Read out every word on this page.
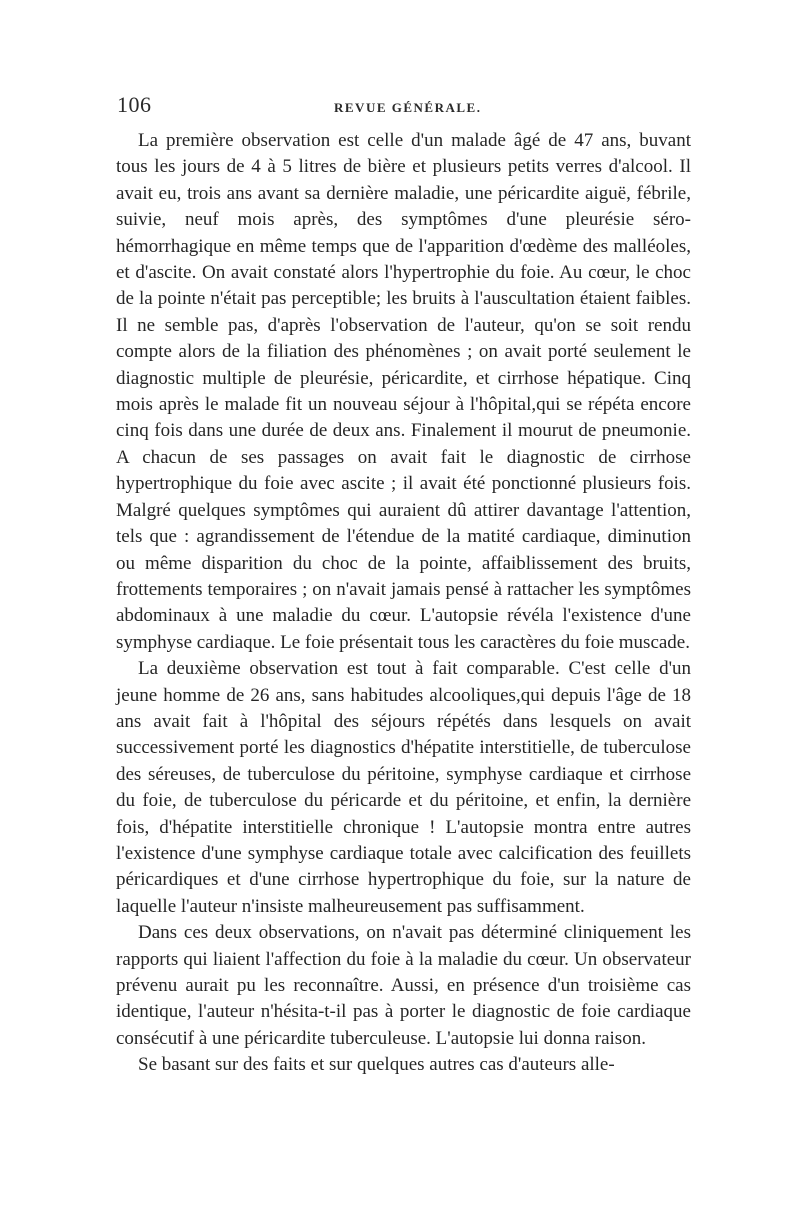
106	REVUE GÉNÉRALE.

La première observation est celle d'un malade âgé de 47 ans, buvant tous les jours de 4 à 5 litres de bière et plusieurs petits verres d'alcool. Il avait eu, trois ans avant sa dernière maladie, une péricardite aiguë, fébrile, suivie, neuf mois après, des symptômes d'une pleurésie séro-hémorrhagique en même temps que de l'apparition d'œdème des malléoles, et d'ascite. On avait constaté alors l'hypertrophie du foie. Au cœur, le choc de la pointe n'était pas perceptible; les bruits à l'auscultation étaient faibles. Il ne semble pas, d'après l'observation de l'auteur, qu'on se soit rendu compte alors de la filiation des phénomènes ; on avait porté seulement le diagnostic multiple de pleurésie, péricardite, et cirrhose hépatique. Cinq mois après le malade fit un nouveau séjour à l'hôpital,qui se répéta encore cinq fois dans une durée de deux ans. Finalement il mourut de pneumonie. A chacun de ses passages on avait fait le diagnostic de cirrhose hypertrophique du foie avec ascite ; il avait été ponctionné plusieurs fois. Malgré quelques symptômes qui auraient dû attirer davantage l'attention, tels que : agrandissement de l'étendue de la matité cardiaque, diminution ou même disparition du choc de la pointe, affaiblissement des bruits, frottements temporaires ; on n'avait jamais pensé à rattacher les symptômes abdominaux à une maladie du cœur. L'autopsie révéla l'existence d'une symphyse cardiaque. Le foie présentait tous les caractères du foie muscade.

La deuxième observation est tout à fait comparable. C'est celle d'un jeune homme de 26 ans, sans habitudes alcooliques,qui depuis l'âge de 18 ans avait fait à l'hôpital des séjours répétés dans lesquels on avait successivement porté les diagnostics d'hépatite interstitielle, de tuberculose des séreuses, de tuberculose du péritoine, symphyse cardiaque et cirrhose du foie, de tuberculose du péricarde et du péritoine, et enfin, la dernière fois, d'hépatite interstitielle chronique ! L'autopsie montra entre autres l'existence d'une symphyse cardiaque totale avec calcification des feuillets péricardiques et d'une cirrhose hypertrophique du foie, sur la nature de laquelle l'auteur n'insiste malheureusement pas suffisamment.

Dans ces deux observations, on n'avait pas déterminé cliniquement les rapports qui liaient l'affection du foie à la maladie du cœur. Un observateur prévenu aurait pu les reconnaître. Aussi, en présence d'un troisième cas identique, l'auteur n'hésita-t-il pas à porter le diagnostic de foie cardiaque consécutif à une péricardite tuberculeuse. L'autopsie lui donna raison.

Se basant sur des faits et sur quelques autres cas d'auteurs alle-
